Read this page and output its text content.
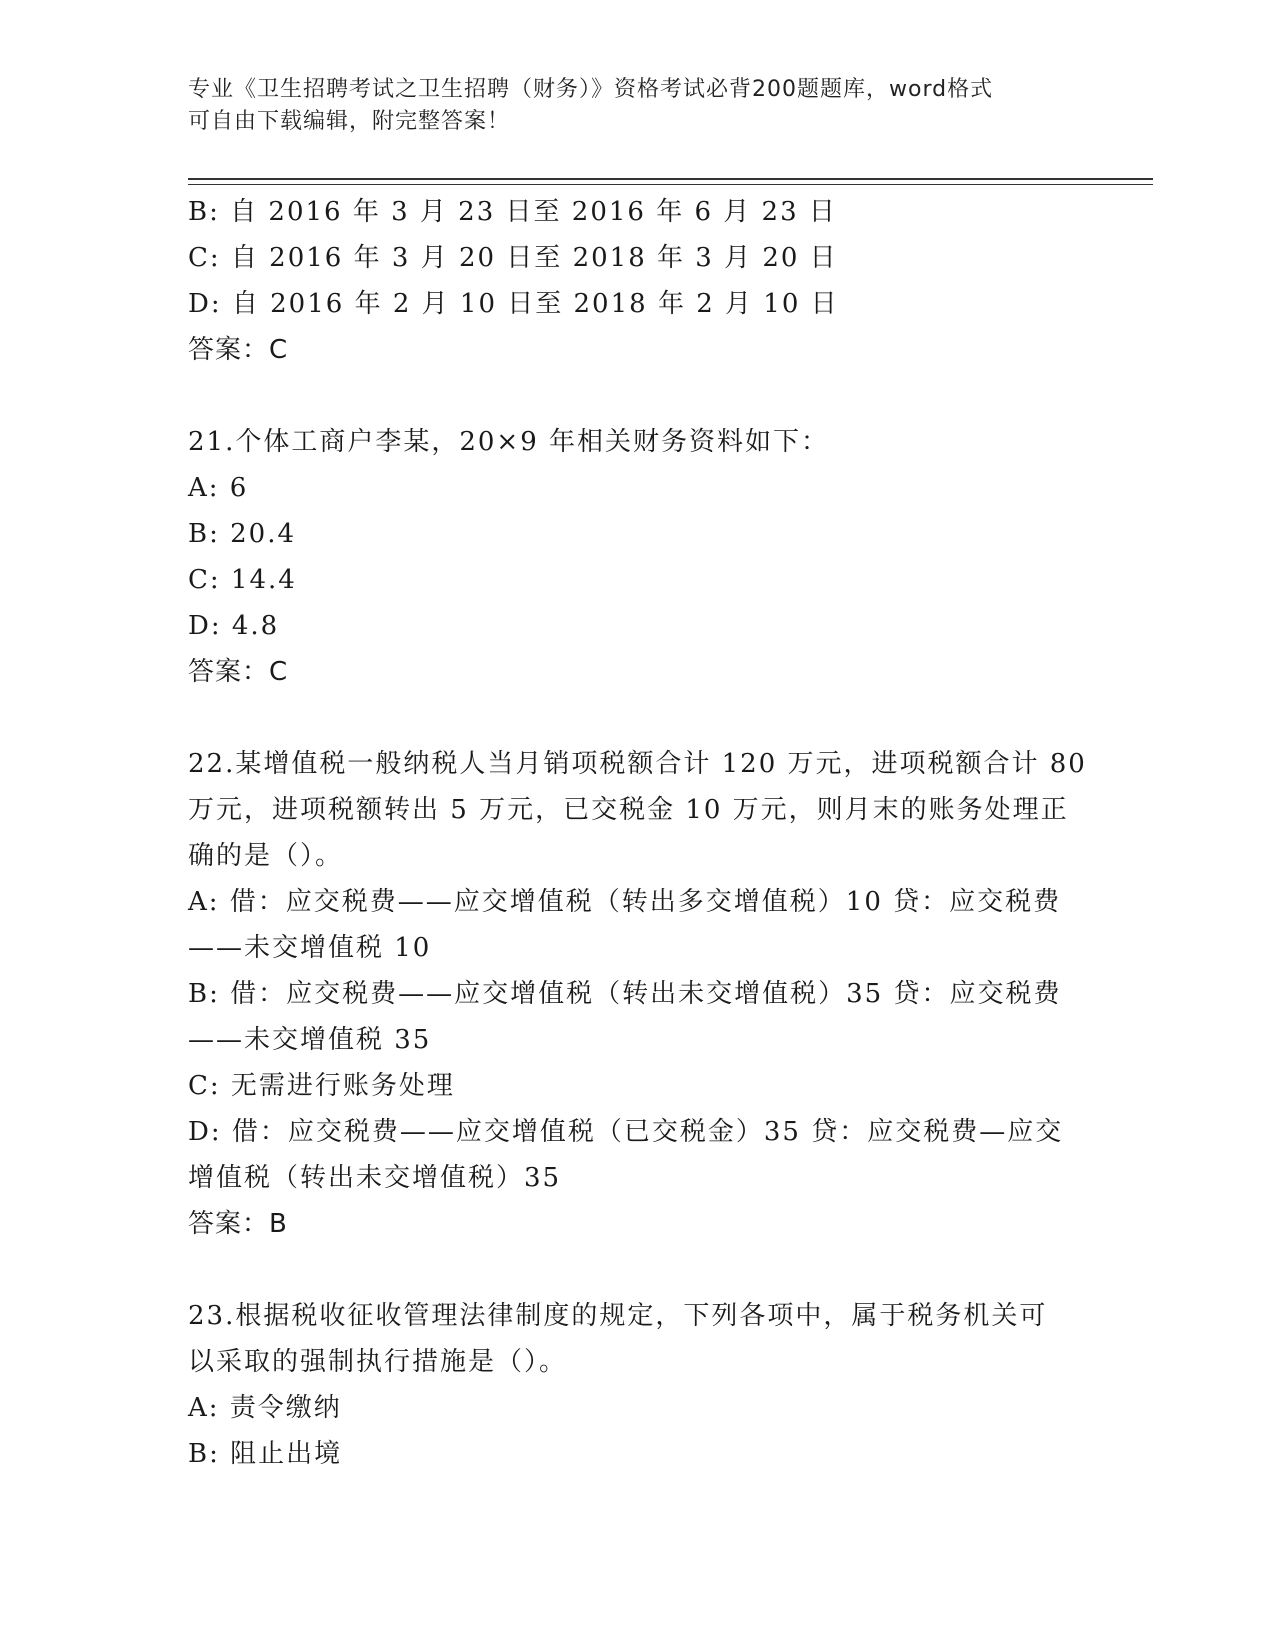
专业《卫生招聘考试之卫生招聘（财务）》资格考试必背200题题库，word格式
可自由下载编辑，附完整答案！
B: 自 2016 年 3 月 23 日至 2016 年 6 月 23 日
C: 自 2016 年 3 月 20 日至 2018 年 3 月 20 日
D: 自 2016 年 2 月 10 日至 2018 年 2 月 10 日
答案：C
21.个体工商户李某，20×9 年相关财务资料如下：
A: 6
B: 20.4
C: 14.4
D: 4.8
答案：C
22.某增值税一般纳税人当月销项税额合计 120 万元，进项税额合计 80
万元，进项税额转出 5 万元，已交税金 10 万元，则月末的账务处理正
确的是（）。
A: 借：应交税费——应交增值税（转出多交增值税）10 贷：应交税费
——未交增值税 10
B: 借：应交税费——应交增值税（转出未交增值税）35 贷：应交税费
——未交增值税 35
C: 无需进行账务处理
D: 借：应交税费——应交增值税（已交税金）35 贷：应交税费—应交
增值税（转出未交增值税）35
答案：B
23.根据税收征收管理法律制度的规定，下列各项中，属于税务机关可
以采取的强制执行措施是（）。
A: 责令缴纳
B: 阻止出境
